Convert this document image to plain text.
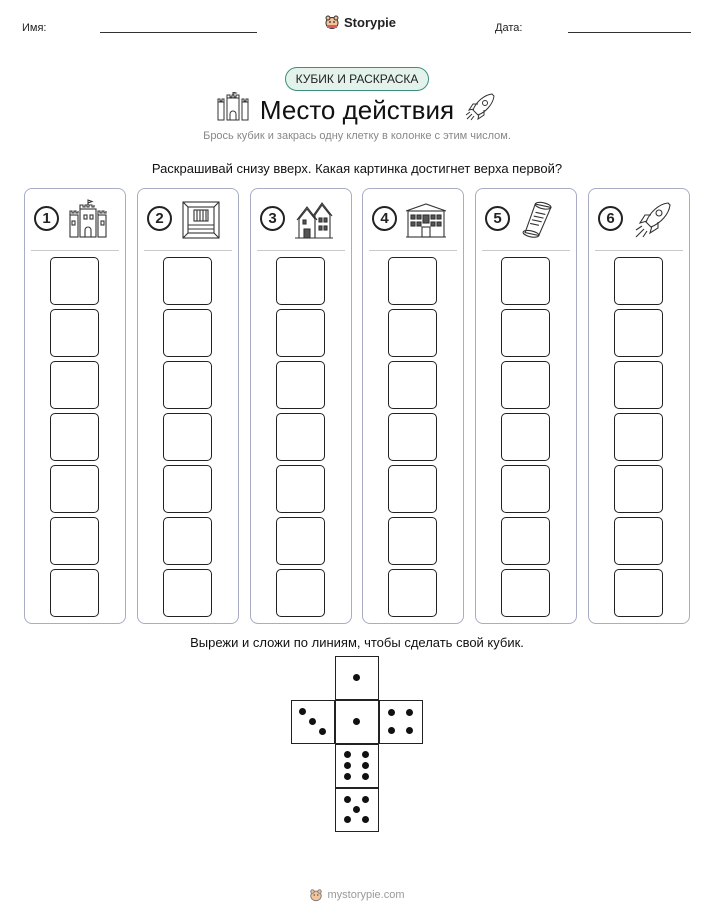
Имя:	Storypie	Дата:
КУБИК И РАСКРАСКА
Место действия
Брось кубик и закрась одну клетку в колонке с этим числом.
Раскрашивай снизу вверх. Какая картинка достигнет верха первой?
1	2	3	4	5	6
Вырежи и сложи по линиям, чтобы сделать свой кубик.
mystorypie.com
